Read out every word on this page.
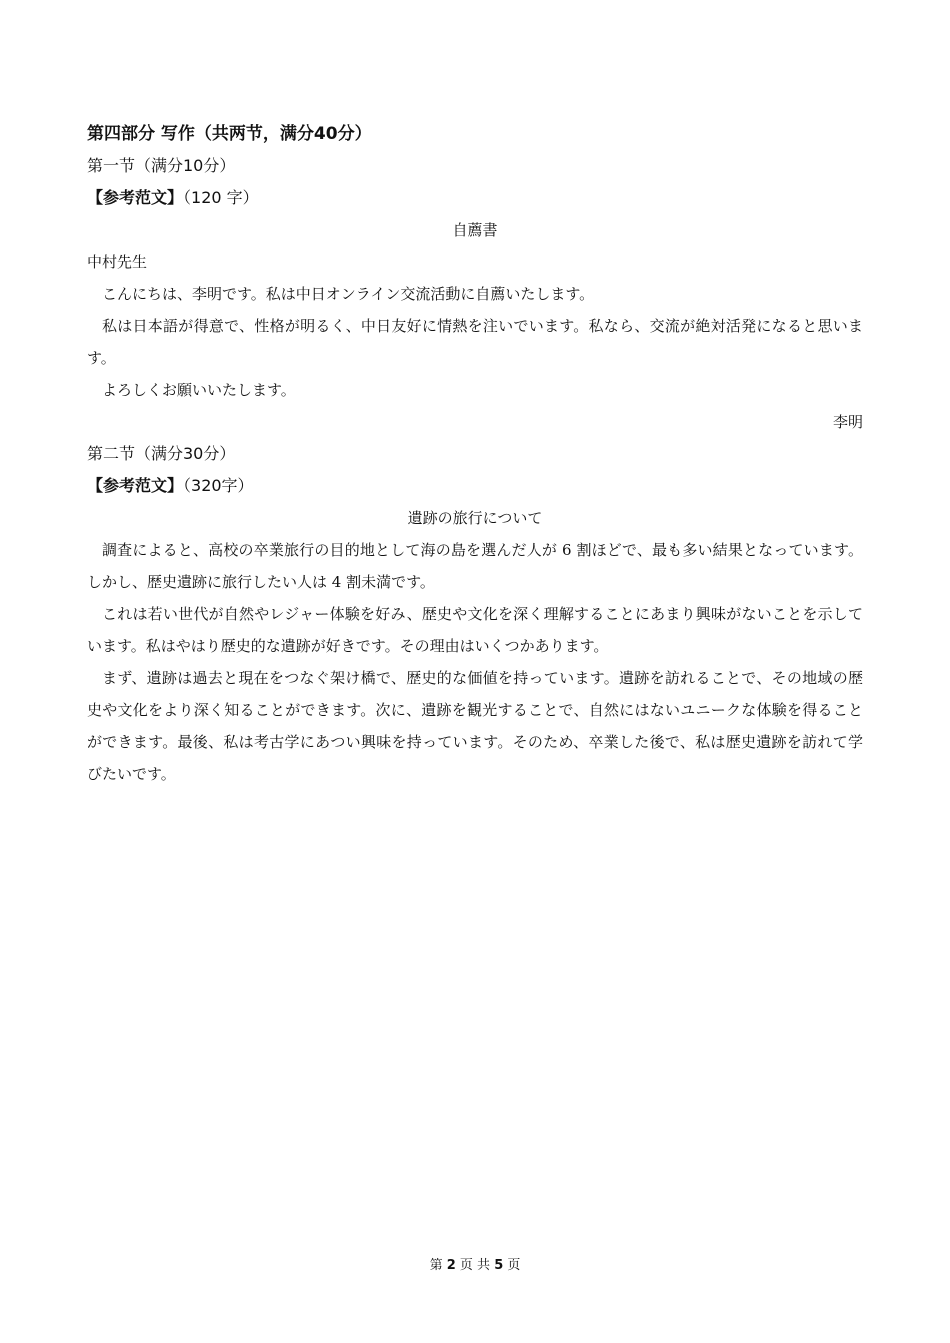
第四部分 写作（共两节，满分40分）
第一节（满分10分）
【参考范文】（120 字）
自薦書
中村先生

こんにちは、李明です。私は中日オンライン交流活動に自薦いたします。

私は日本語が得意で、性格が明るく、中日友好に情熱を注いでいます。私なら、交流が絶対活発になると思います。

よろしくお願いいたします。

李明
第二节（满分30分）
【参考范文】（320字）
遺跡の旅行について

調査によると、高校の卒業旅行の目的地として海の島を選んだ人が 6 割ほどで、最も多い結果となっています。しかし、歴史遺跡に旅行したい人は 4 割未満です。

これは若い世代が自然やレジャー体験を好み、歴史や文化を深く理解することにあまり興味がないことを示しています。私はやはり歴史的な遺跡が好きです。その理由はいくつかあります。

まず、遺跡は過去と現在をつなぐ架け橋で、歴史的な価値を持っています。遺跡を訪れることで、その地域の歴史や文化をより深く知ることができます。次に、遺跡を観光することで、自然にはないユニークな体験を得ることができます。最後、私は考古学にあつい興味を持っています。そのため、卒業した後で、私は歴史遺跡を訪れて学びたいです。

第 2 页 共 5 页
